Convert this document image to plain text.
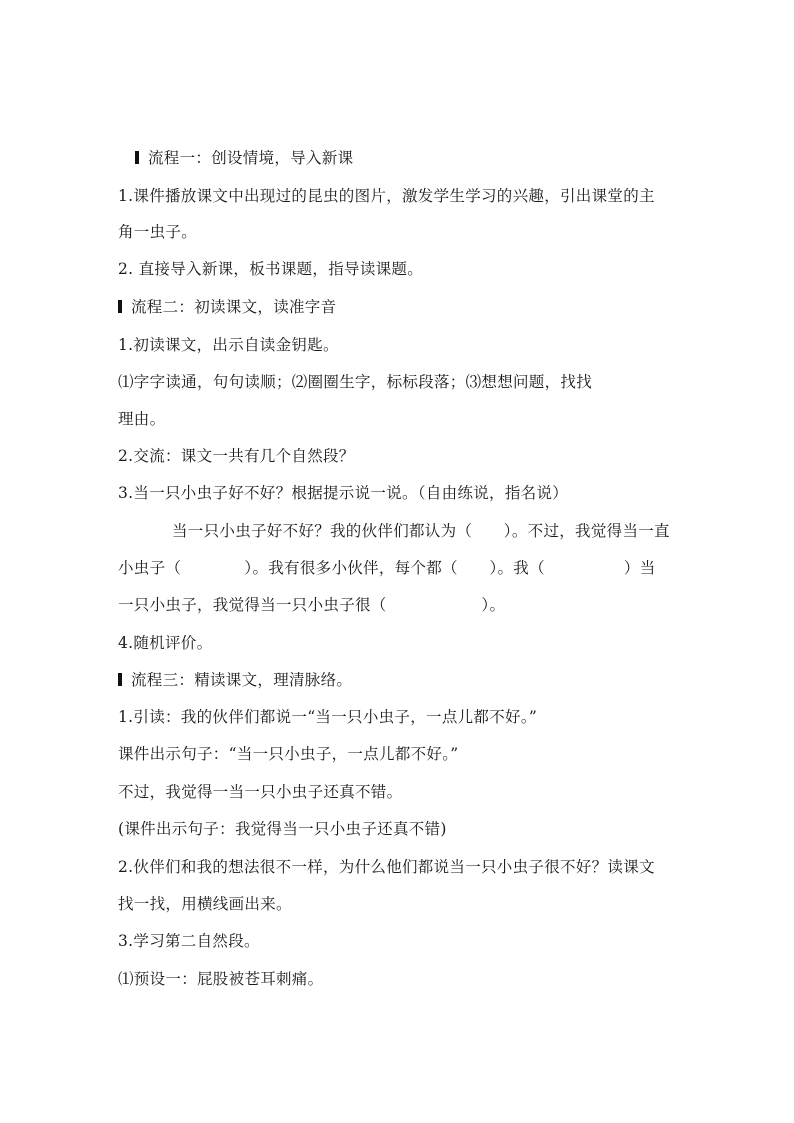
流程一：创设情境，导入新课
1.课件播放课文中出现过的昆虫的图片，激发学生学习的兴趣，引出课堂的主
角一虫子。
2. 直接导入新课，板书课题，指导读课题。
流程二：初读课文，读准字音
1.初读课文，出示自读金钥匙。
⑴字字读通，句句读顺；⑵圈圈生字，标标段落；⑶想想问题，找找
理由。
2.交流：课文一共有几个自然段？
3.当一只小虫子好不好？根据提示说一说。（自由练说，指名说）
当一只小虫子好不好？我的伙伴们都认为（　　）。不过，我觉得当一直
小虫子（　　　　）。我有很多小伙伴，每个都（　　）。我（　　　　　）当
一只小虫子，我觉得当一只小虫子很（　　　　　　）。
4.随机评价。
流程三：精读课文，理清脉络。
1.引读：我的伙伴们都说一“当一只小虫子，一点儿都不好。”
课件出示句子：“当一只小虫子，一点儿都不好。”
不过，我觉得一当一只小虫子还真不错。
(课件出示句子：我觉得当一只小虫子还真不错)
2.伙伴们和我的想法很不一样，为什么他们都说当一只小虫子很不好？读课文
找一找，用横线画出来。
3.学习第二自然段。
⑴预设一：屁股被苍耳刺痛。
